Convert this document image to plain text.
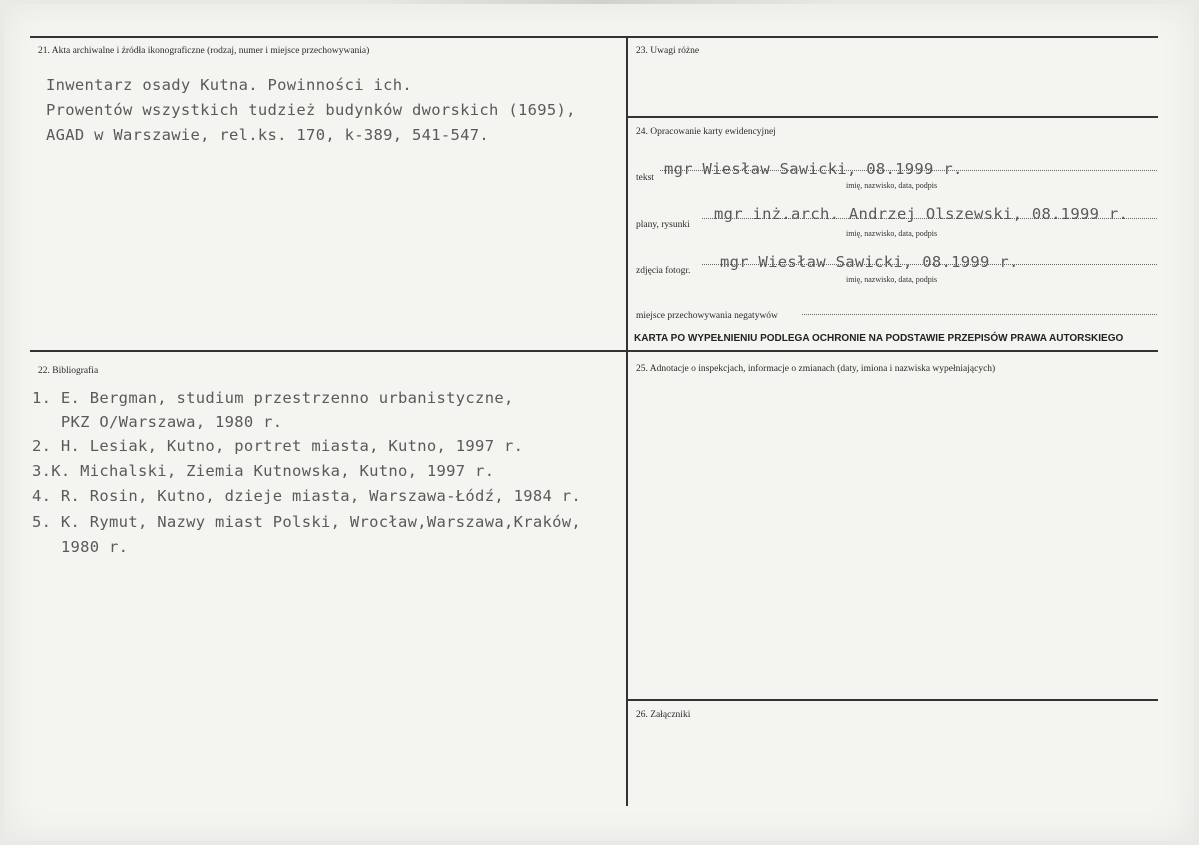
21. Akta archiwalne i źródła ikonograficzne (rodzaj, numer i miejsce przechowywania)
Inwentarz osady Kutna. Powinności ich.
Prowentów wszystkich tudzież budynków dworskich (1695),
AGAD w Warszawie, rel.ks. 170, k-389, 541-547.
22. Bibliografia
1. E. Bergman, studium przestrzenno urbanistyczne,
PKZ O/Warszawa, 1980 r.
2. H. Lesiak, Kutno, portret miasta, Kutno, 1997 r.
3.K. Michalski, Ziemia Kutnowska, Kutno, 1997 r.
4. R. Rosin, Kutno, dzieje miasta, Warszawa-Łódź, 1984 r.
5. K. Rymut, Nazwy miast Polski, Wrocław,Warszawa,Kraków,
1980 r.
23. Uwagi różne
24. Opracowanie karty ewidencyjnej
tekst mgr Wiesław Sawicki, 08.1999 r.
imię, nazwisko, data, podpis
plany, rysunki
mgr inż.arch. Andrzej Olszewski, 08.1999 r.
imię, nazwisko, data, podpis
zdjęcia fotogr. mgr Wiesław Sawicki, 08.1999 r.
imię, nazwisko, data, podpis
miejsce przechowywania negatywów
KARTA PO WYPEŁNIENIU PODLEGA OCHRONIE NA PODSTAWIE PRZEPISÓW PRAWA AUTORSKIEGO
25. Adnotacje o inspekcjach, informacje o zmianach (daty, imiona i nazwiska wypełniających)
26. Załączniki
